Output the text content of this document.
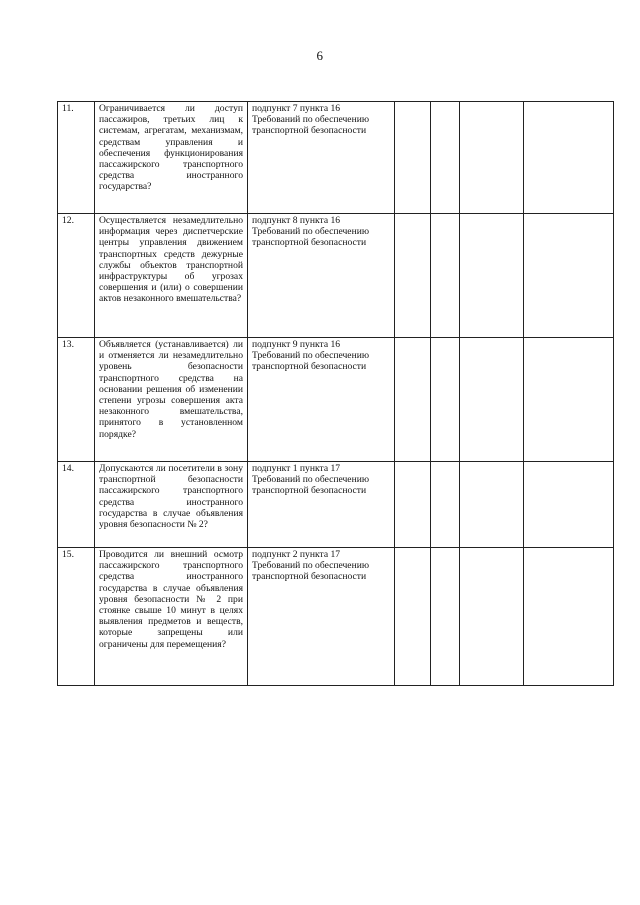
6
11.	Ограничивается ли доступ пассажиров, третьих лиц к системам, агрегатам, механизмам, средствам управления и обеспечения функционирования пассажирского транспортного средства иностранного государства?	подпункт 7 пункта 16 Требований по обеспечению транспортной безопасности				
12.	Осуществляется незамедлительно информация через диспетчерские центры управления движением транспортных средств дежурные службы объектов транспортной инфраструктуры об угрозах совершения и (или) о совершении актов незаконного вмешательства?	подпункт 8 пункта 16 Требований по обеспечению транспортной безопасности				
13.	Объявляется (устанавливается) ли и отменяется ли незамедлительно уровень безопасности транспортного средства на основании решения об изменении степени угрозы совершения акта незаконного вмешательства, принятого в установленном порядке?	подпункт 9 пункта 16 Требований по обеспечению транспортной безопасности				
14.	Допускаются ли посетители в зону транспортной безопасности пассажирского транспортного средства иностранного государства в случае объявления уровня безопасности № 2?	подпункт 1 пункта 17 Требований по обеспечению транспортной безопасности				
15.	Проводится ли внешний осмотр пассажирского транспортного средства иностранного государства в случае объявления уровня безопасности № 2 при стоянке свыше 10 минут в целях выявления предметов и веществ, которые запрещены или ограничены для перемещения?	подпункт 2 пункта 17 Требований по обеспечению транспортной безопасности				
